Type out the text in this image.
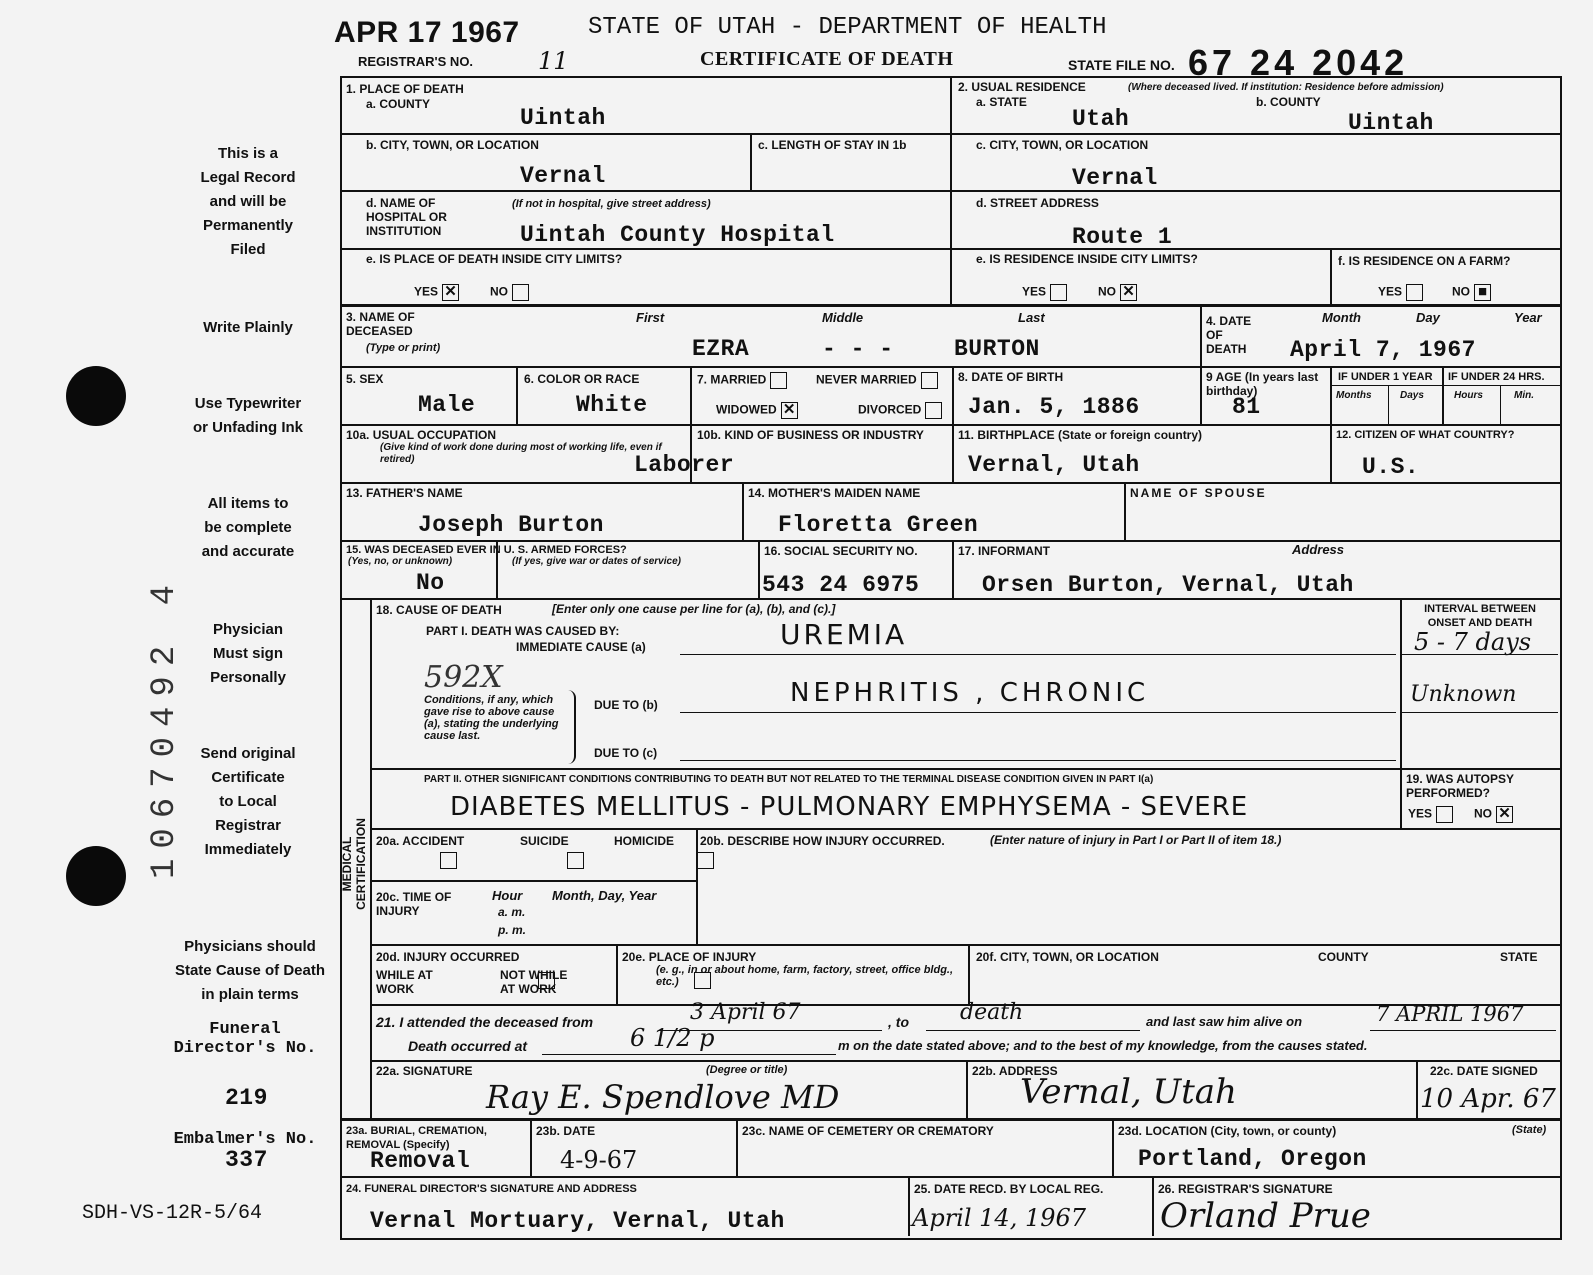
This is a
Legal Record
and will be
Permanently
Filed
Write Plainly
Use Typewriter
or Unfading Ink
All items to
be complete
and accurate
Physician
Must sign
Personally
Send original
Certificate
to Local
Registrar
Immediately
Physicians should
State Cause of Death
in plain terms
Funeral
Director's No.
219
Embalmer's No.
337
SDH-VS-12R-5/64
10670492 4
APR 17 1967	STATE OF UTAH - DEPARTMENT OF HEALTH
REGISTRAR'S NO.	11	CERTIFICATE OF DEATH	STATE FILE NO. 67 24 2042
MEDICAL CERTIFICATION
1. PLACE OF DEATH
a. COUNTY
Uintah
2. USUAL RESIDENCE	(Where deceased lived. If institution: Residence before admission)
a. STATE	b. COUNTY
Utah	Uintah
b. CITY, TOWN, OR LOCATION
Vernal
c. LENGTH OF STAY IN 1b	c. CITY, TOWN, OR LOCATION
Vernal
d. NAME OF HOSPITAL OR INSTITUTION
(If not in hospital, give street address)
Uintah County Hospital
d. STREET ADDRESS
Route 1
e. IS PLACE OF DEATH INSIDE CITY LIMITS?
YES ✕	NO
e. IS RESIDENCE INSIDE CITY LIMITS?
YES	NO ✕
f. IS RESIDENCE ON A FARM?
YES	NO ■
3. NAME OF DECEASED
(Type or print)
First	Middle	Last
EZRA	- - -	BURTON
4. DATE OF DEATH
Month	Day	Year
April 7, 1967
5. SEX
Male
6. COLOR OR RACE
White
7. MARRIED	NEVER MARRIED
WIDOWED ✕	DIVORCED
8. DATE OF BIRTH
Jan. 5, 1886
9 AGE (In years last birthday)
81
IF UNDER 1 YEAR IF UNDER 24 HRS.
Months	Days	Hours	Min.
10a. USUAL OCCUPATION
(Give kind of work done during most of working life, even if retired)	Laborer
10b. KIND OF BUSINESS OR INDUSTRY	11. BIRTHPLACE (State or foreign country)
Vernal, Utah
12. CITIZEN OF WHAT COUNTRY?
U.S.
13. FATHER'S NAME
Joseph Burton
14. MOTHER'S MAIDEN NAME
Floretta Green
NAME OF SPOUSE
15. WAS DECEASED EVER IN U. S. ARMED FORCES?
(Yes, no, or unknown)	(If yes, give war or dates of service)
No
16. SOCIAL SECURITY NO.
543 24 6975
17. INFORMANT	Address
Orsen Burton, Vernal, Utah
18. CAUSE OF DEATH	[Enter only one cause per line for (a), (b), and (c).]
PART I. DEATH WAS CAUSED BY:
IMMEDIATE CAUSE (a)	UREMIA
592X
Conditions, if any, which gave rise to above cause (a), stating the underlying cause last.
DUE TO (b)	NEPHRITIS , CHRONIC
DUE TO (c)
INTERVAL BETWEEN ONSET AND DEATH
5 - 7 days
Unknown
PART II. OTHER SIGNIFICANT CONDITIONS CONTRIBUTING TO DEATH BUT NOT RELATED TO THE TERMINAL DISEASE CONDITION GIVEN IN PART I(a)
DIABETES MELLITUS - PULMONARY EMPHYSEMA - SEVERE
19. WAS AUTOPSY PERFORMED?
YES	NO ✕
20a. ACCIDENT	SUICIDE	HOMICIDE
20b. DESCRIBE HOW INJURY OCCURRED.	(Enter nature of injury in Part I or Part II of item 18.)
20c. TIME OF INJURY
Hour
a. m.
p. m.
Month, Day, Year
20d. INJURY OCCURRED
WHILE AT WORK

NOT WHILE AT WORK
20e. PLACE OF INJURY
(e. g., in or about home, farm, factory, street, office bldg., etc.)
20f. CITY, TOWN, OR LOCATION	COUNTY	STATE
21. I attended the deceased from	3 April 67	, to death	and last saw him alive on	7 APRIL 1967
Death occurred at	6 1/2 p	m on the date stated above; and to the best of my knowledge, from the causes stated.
22a. SIGNATURE	(Degree or title)
Ray E. Spendlove MD
22b. ADDRESS
Vernal, Utah
22c. DATE SIGNED
10 Apr. 67
23a. BURIAL, CREMATION, REMOVAL (Specify)
Removal
23b. DATE
4-9-67
23c. NAME OF CEMETERY OR CREMATORY	23d. LOCATION (City, town, or county)	(State)
Portland, Oregon
24. FUNERAL DIRECTOR'S SIGNATURE AND ADDRESS
Vernal Mortuary, Vernal, Utah
25. DATE RECD. BY LOCAL REG.
April 14, 1967
26. REGISTRAR'S SIGNATURE
Orland Prue
